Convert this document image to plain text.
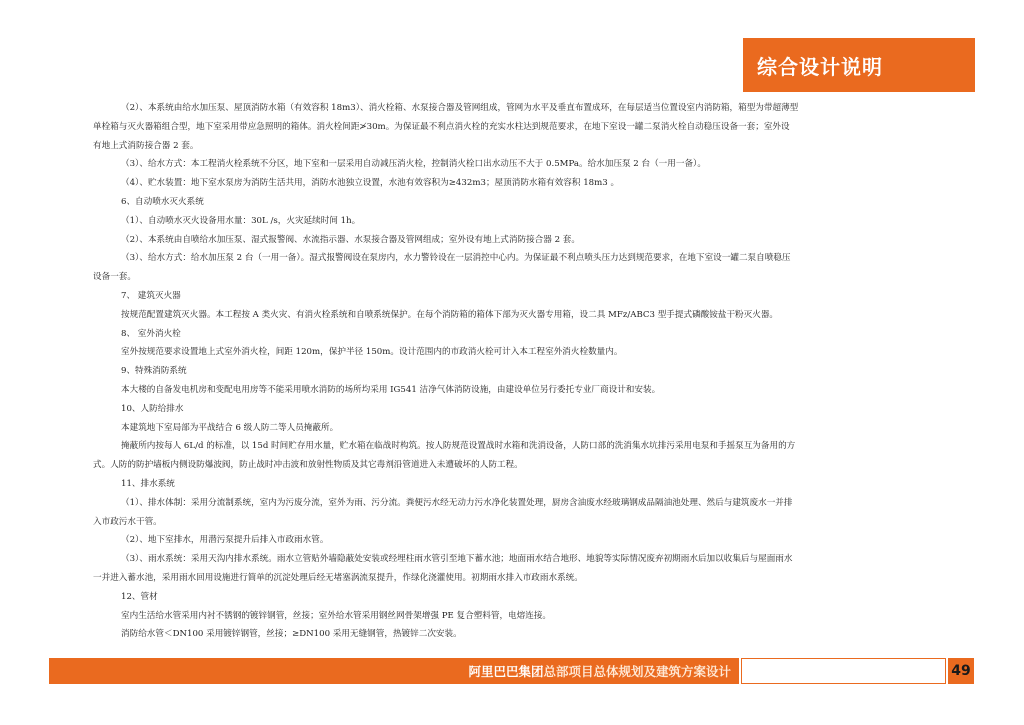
综合设计说明

（2）、本系统由给水加压泵、屋顶消防水箱（有效容积 18m3）、消火栓箱、水泵接合器及管网组成，管网为水平及垂直布置成环，在每层适当位置设室内消防箱，箱型为带超薄型

单栓箱与灭火器箱组合型，地下室采用带应急照明的箱体。消火栓间距≯30m。为保证最不利点消火栓的充实水柱达到规范要求，在地下室设一罐二泵消火栓自动稳压设备一套；室外设

有地上式消防接合器 2 套。

（3）、给水方式：本工程消火栓系统不分区，地下室和一层采用自动减压消火栓，控制消火栓口出水动压不大于 0.5MPa。给水加压泵 2 台（一用一备）。

（4）、贮水装置：地下室水泵房为消防生活共用，消防水池独立设置，水池有效容积为≥432m3；屋顶消防水箱有效容积 18m3 。

6、自动喷水灭火系统

（1）、自动喷水灭火设备用水量：30L /s，火灾延续时间 1h。

（2）、本系统由自喷给水加压泵、湿式报警阀、水流指示器、水泵接合器及管网组成；室外设有地上式消防接合器 2 套。

（3）、给水方式：给水加压泵 2 台（一用一备）。湿式报警阀设在泵房内，水力警铃设在一层消控中心内。为保证最不利点喷头压力达到规范要求，在地下室设一罐二泵自喷稳压

设备一套。

7、 建筑灭火器

按规范配置建筑灭火器。本工程按 A 类火灾、有消火栓系统和自喷系统保护。在每个消防箱的箱体下部为灭火器专用箱，设二具 MFz/ABC3 型手提式磷酸铵盐干粉灭火器。

8、 室外消火栓

室外按规范要求设置地上式室外消火栓，间距 120m，保护半径 150m。设计范围内的市政消火栓可计入本工程室外消火栓数量内。

9、特殊消防系统

本大楼的自备发电机房和变配电用房等不能采用喷水消防的场所均采用 IG541 洁净气体消防设施，由建设单位另行委托专业厂商设计和安装。

10、人防给排水

本建筑地下室局部为平战结合 6 级人防二等人员掩蔽所。

掩蔽所内按每人 6L/d 的标准，以 15d 时间贮存用水量，贮水箱在临战时构筑。按人防规范设置战时水箱和洗消设备，人防口部的洗消集水坑排污采用电泵和手摇泵互为备用的方

式。人防的防护墙板内侧设防爆波阀，防止战时冲击波和放射性物质及其它毒剂沿管道进入未遭破坏的人防工程。

11、排水系统

（1）、排水体制：采用分流制系统，室内为污废分流，室外为雨、污分流。粪便污水经无动力污水净化装置处理，厨房含油废水经玻璃钢成品隔油池处理、然后与建筑废水一并排

入市政污水干管。

（2）、地下室排水，用潜污泵提升后排入市政雨水管。

（3）、雨水系统：采用天沟内排水系统。雨水立管贴外墙隐蔽处安装或经埋柱雨水管引至地下蓄水池；地面雨水结合地形、地貌等实际情况废弃初期雨水后加以收集后与屋面雨水

一并进入蓄水池，采用雨水回用设施进行简单的沉淀处理后经无堵塞涡流泵提升，作绿化浇灌使用。初期雨水排入市政雨水系统。

12、管材

室内生活给水管采用内衬不锈钢的镀锌钢管，丝接；室外给水管采用钢丝网骨架增强 PE 复合塑料管，电熔连接。

消防给水管＜DN100 采用镀锌钢管，丝接；≥DN100 采用无缝钢管，热镀锌二次安装。

阿里巴巴集团 总部项目总体规划及建筑方案设计	49
